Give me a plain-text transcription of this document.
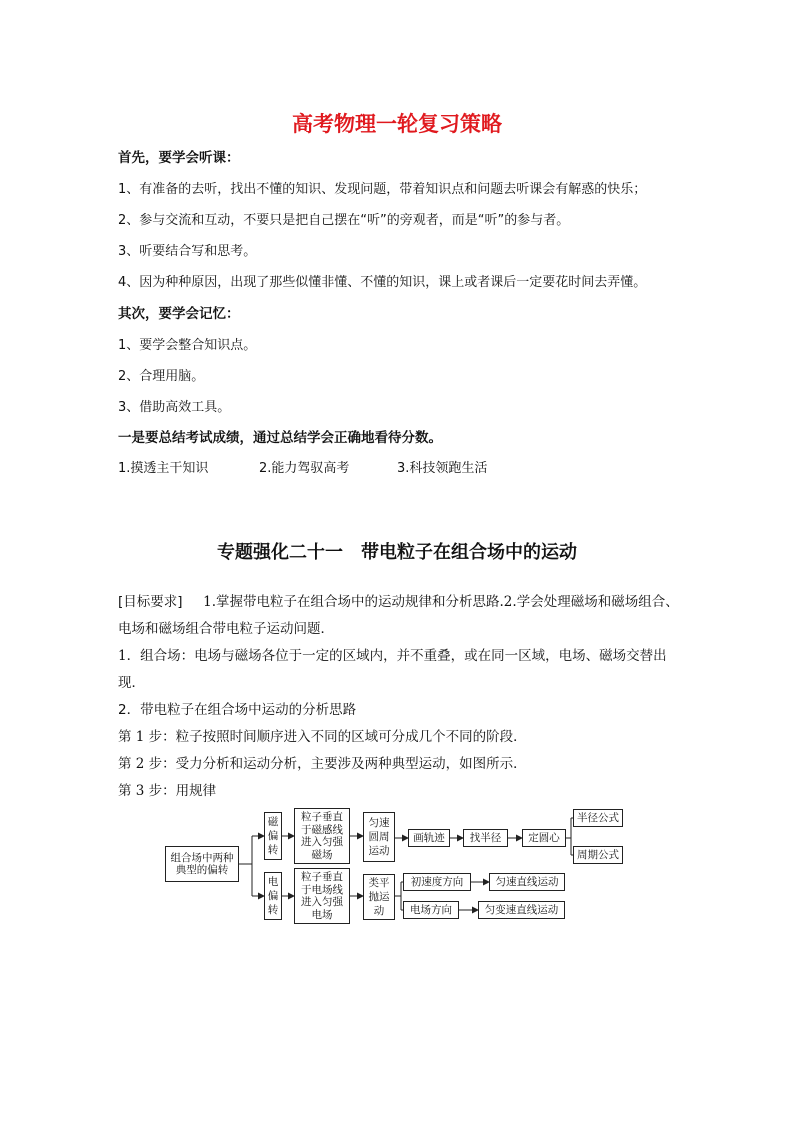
高考物理一轮复习策略
首先，要学会听课：
1、有准备的去听，找出不懂的知识、发现问题，带着知识点和问题去听课会有解惑的快乐；
2、参与交流和互动，不要只是把自己摆在“听”的旁观者，而是“听”的参与者。
3、听要结合写和思考。
4、因为种种原因，出现了那些似懂非懂、不懂的知识，课上或者课后一定要花时间去弄懂。
其次，要学会记忆：
1、要学会整合知识点。
2、合理用脑。
3、借助高效工具。
一是要总结考试成绩，通过总结学会正确地看待分数。
1.摸透主干知识	2.能力驾驭高考	3.科技领跑生活
专题强化二十一　带电粒子在组合场中的运动
[目标要求] 1.掌握带电粒子在组合场中的运动规律和分析思路.2.学会处理磁场和磁场组合、
电场和磁场组合带电粒子运动问题．
1．组合场：电场与磁场各位于一定的区域内，并不重叠，或在同一区域，电场、磁场交替出
现．
2．带电粒子在组合场中运动的分析思路
第 1 步：粒子按照时间顺序进入不同的区域可分成几个不同的阶段．
第 2 步：受力分析和运动分析，主要涉及两种典型运动，如图所示．
第 3 步：用规律
组合场中两种
典型的偏转
磁
偏
转
粒子垂直
于磁感线
进入匀强
磁场
匀速
圆周
运动
画轨迹	找半径	定圆心
半径公式
周期公式
电
偏
转
粒子垂直
于电场线
进入匀强
电场
类平
抛运
动
初速度方向
电场方向
匀速直线运动
匀变速直线运动
